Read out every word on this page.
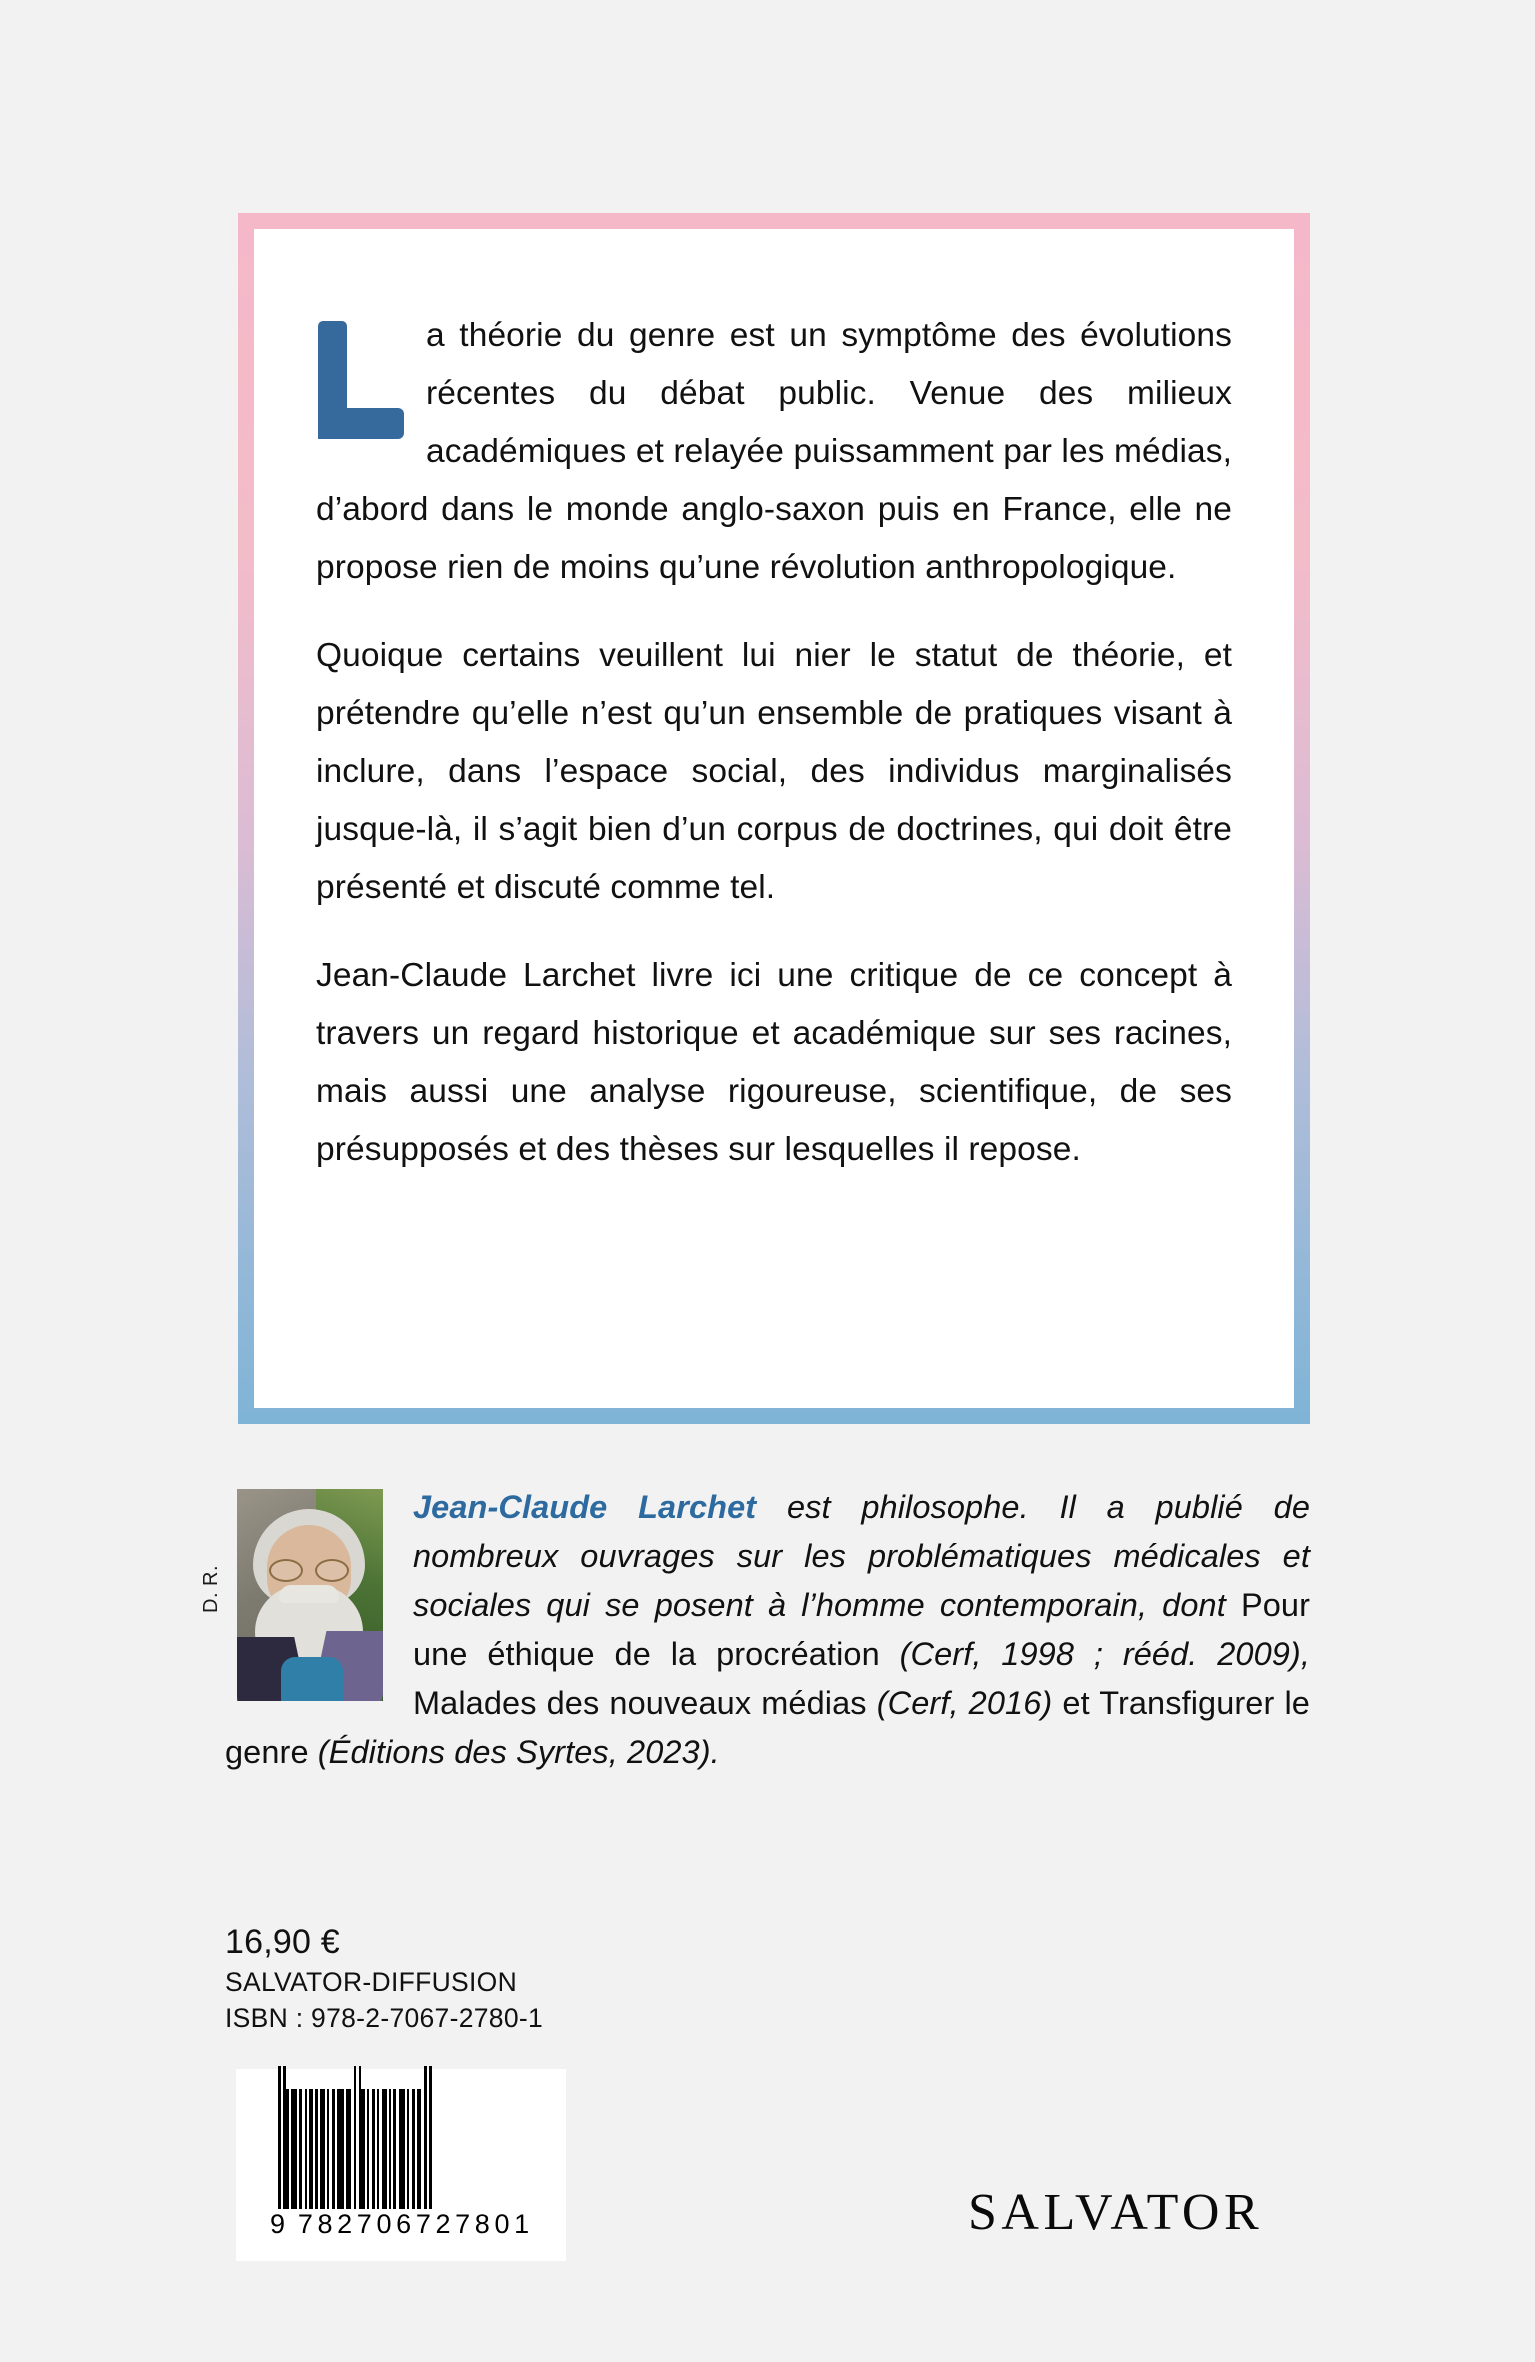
a théorie du genre est un symptôme des évolutions récentes du débat public. Venue des milieux académiques et relayée puissamment par les médias, d’abord dans le monde anglo-saxon puis en France, elle ne propose rien de moins qu’une révolution anthropologique.

Quoique certains veuillent lui nier le statut de théorie, et prétendre qu’elle n’est qu’un ensemble de pratiques visant à inclure, dans l’espace social, des individus marginalisés jusque-là, il s’agit bien d’un corpus de doctrines, qui doit être présenté et discuté comme tel.

Jean-Claude Larchet livre ici une critique de ce concept à travers un regard historique et académique sur ses racines, mais aussi une analyse rigoureuse, scientifique, de ses présupposés et des thèses sur lesquelles il repose.

D. R.
Jean-Claude Larchet est philosophe. Il a publié de nombreux ouvrages sur les problématiques médicales et sociales qui se posent à l’homme contemporain, dont Pour une éthique de la procréation (Cerf, 1998 ; rééd. 2009), Malades des nouveaux médias (Cerf, 2016) et Transfigurer le genre (Éditions des Syrtes, 2023).
16,90 €
SALVATOR-DIFFUSION
ISBN : 978-2-7067-2780-1
9 7 8 2 7 0 6 7 2 7 8 0 1	SALVATOR
